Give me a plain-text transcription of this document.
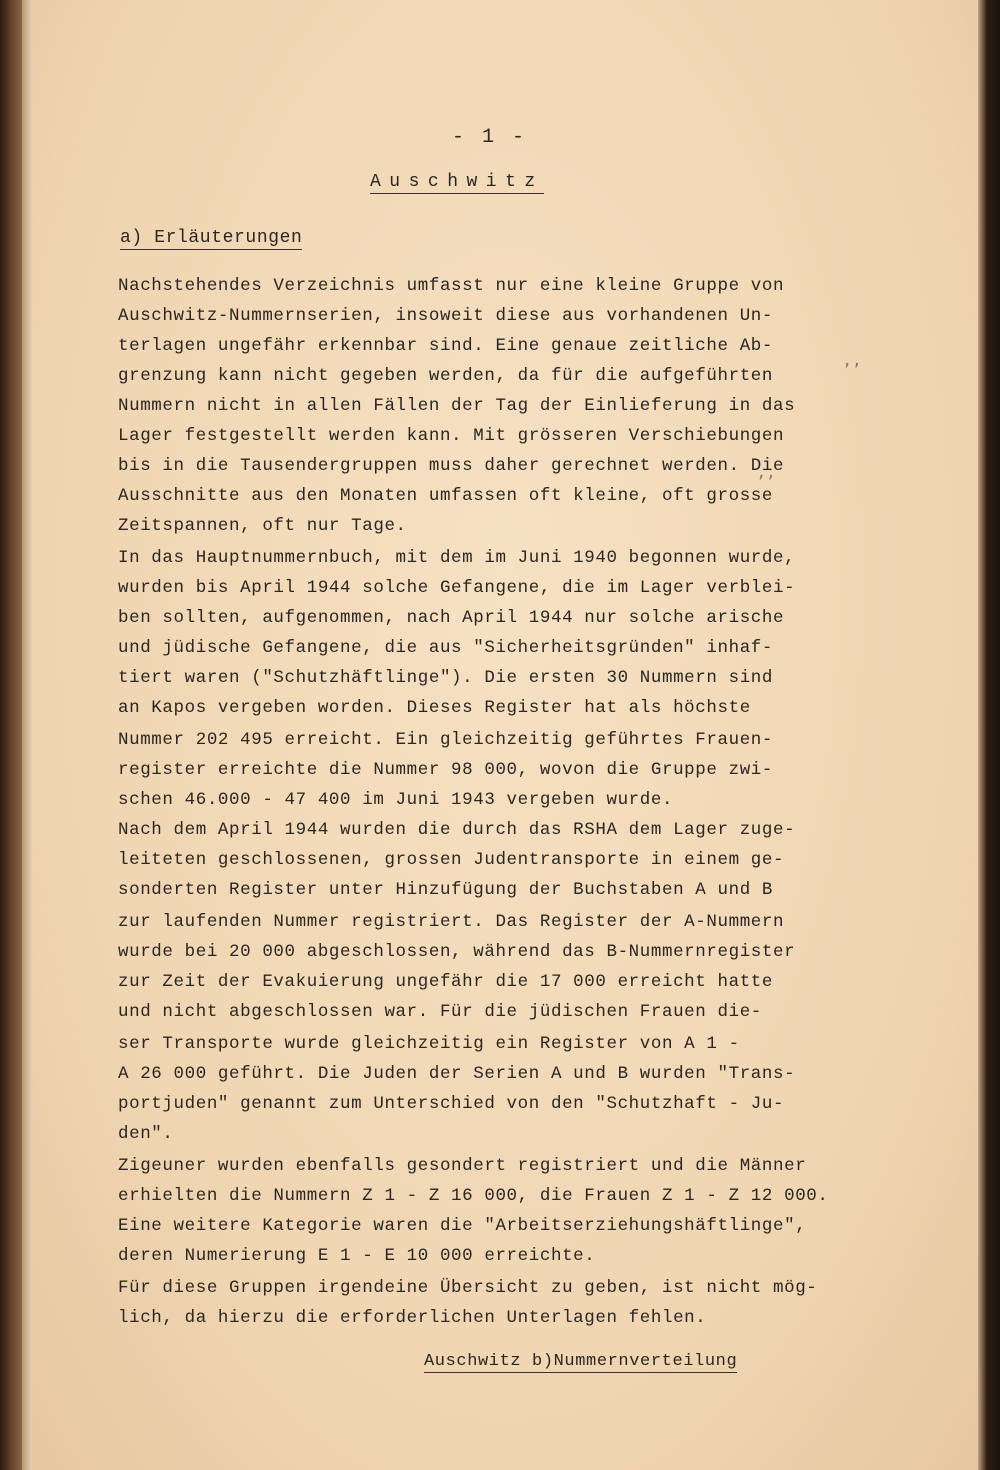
- 1 -
Auschwitz
a) Erläuterungen
Nachstehendes Verzeichnis umfasst nur eine kleine Gruppe von
Auschwitz-Nummernserien, insoweit diese aus vorhandenen Un-
terlagen ungefähr erkennbar sind. Eine genaue zeitliche Ab-
grenzung kann nicht gegeben werden, da für die aufgeführten
Nummern nicht in allen Fällen der Tag der Einlieferung in das
Lager festgestellt werden kann. Mit grösseren Verschiebungen
bis in die Tausendergruppen muss daher gerechnet werden. Die
Ausschnitte aus den Monaten umfassen oft kleine, oft grosse
Zeitspannen, oft nur Tage.
In das Hauptnummernbuch, mit dem im Juni 1940 begonnen wurde,
wurden bis April 1944 solche Gefangene, die im Lager verblei-
ben sollten, aufgenommen, nach April 1944 nur solche arische
und jüdische Gefangene, die aus "Sicherheitsgründen" inhaf-
tiert waren ("Schutzhäftlinge"). Die ersten 30 Nummern sind
an Kapos vergeben worden. Dieses Register hat als höchste
Nummer 202 495 erreicht. Ein gleichzeitig geführtes Frauen-
register erreichte die Nummer 98 000, wovon die Gruppe zwi-
schen 46.000 - 47 400 im Juni 1943 vergeben wurde.
Nach dem April 1944 wurden die durch das RSHA dem Lager zuge-
leiteten geschlossenen, grossen Judentransporte in einem ge-
sonderten Register unter Hinzufügung der Buchstaben A und B
zur laufenden Nummer registriert. Das Register der A-Nummern
wurde bei 20 000 abgeschlossen, während das B-Nummernregister
zur Zeit der Evakuierung ungefähr die 17 000 erreicht hatte
und nicht abgeschlossen war. Für die jüdischen Frauen die-
ser Transporte wurde gleichzeitig ein Register von A 1 -
A 26 000 geführt. Die Juden der Serien A und B wurden "Trans-
portjuden" genannt zum Unterschied von den "Schutzhaft - Ju-
den".
Zigeuner wurden ebenfalls gesondert registriert und die Männer
erhielten die Nummern Z 1 - Z 16 000, die Frauen Z 1 - Z 12 000.
Eine weitere Kategorie waren die "Arbeitserziehungshäftlinge",
deren Numerierung E 1 - E 10 000 erreichte.
Für diese Gruppen irgendeine Übersicht zu geben, ist nicht mög-
lich, da hierzu die erforderlichen Unterlagen fehlen.
Auschwitz b)Nummernverteilung
ʼʼ
ʼʼ
